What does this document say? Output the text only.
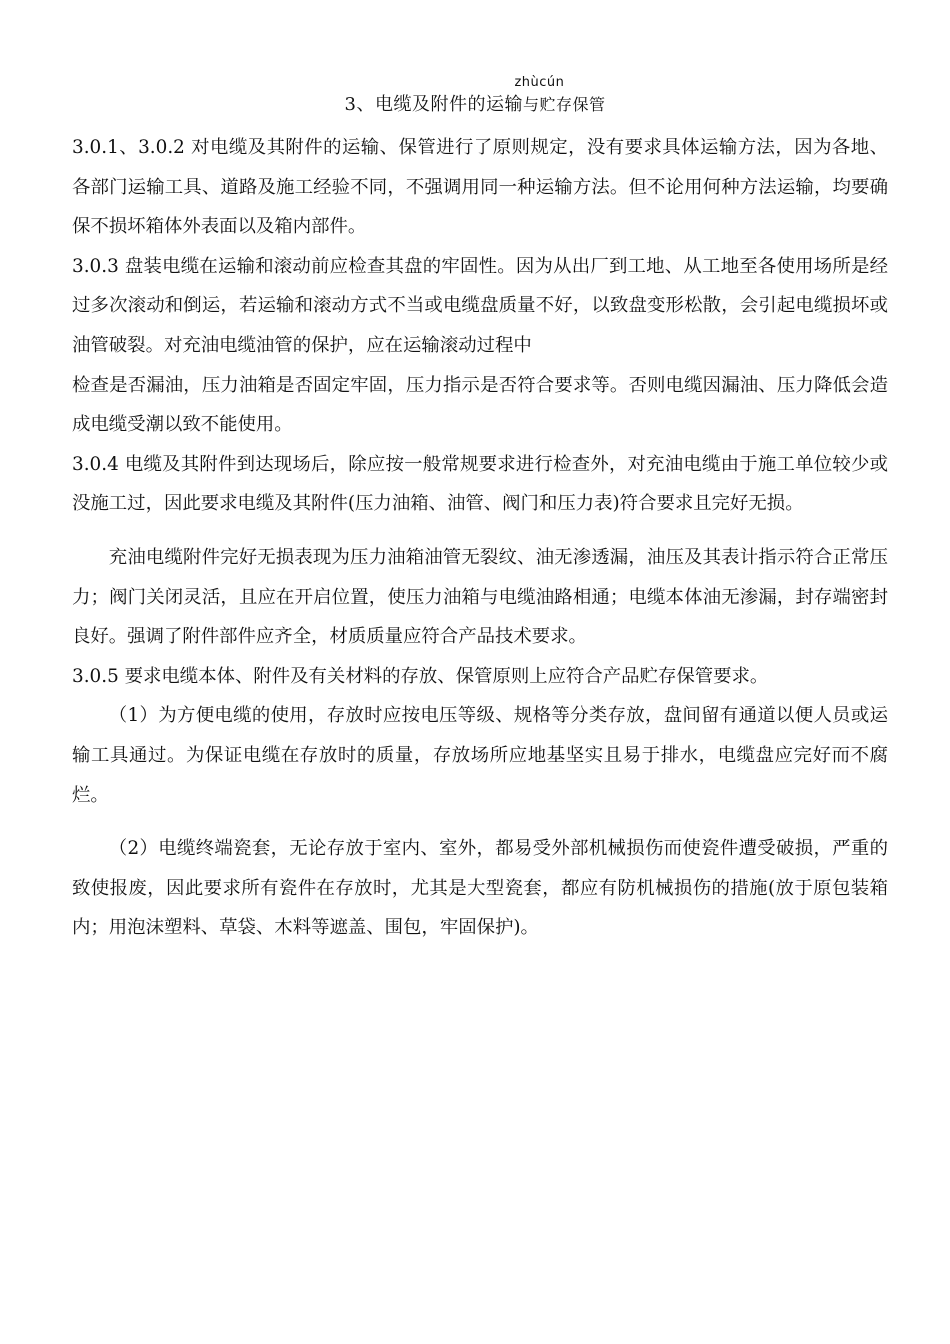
3、电缆及附件的运输
zhùcún
与贮存保管

3.0.1、3.0.2 对电缆及其附件的运输、保管进行了原则规定，没有要求具体运输方法，因为各地、各部门运输工具、道路及施工经验不同，不强调用同一种运输方法。但不论用何种方法运输，均要确保不损坏箱体外表面以及箱内部件。

3.0.3 盘装电缆在运输和滚动前应检查其盘的牢固性。因为从出厂到工地、从工地至各使用场所是经过多次滚动和倒运，若运输和滚动方式不当或电缆盘质量不好，以致盘变形松散，会引起电缆损坏或油管破裂。对充油电缆油管的保护，应在运输滚动过程中

检查是否漏油，压力油箱是否固定牢固，压力指示是否符合要求等。否则电缆因漏油、压力降低会造成电缆受潮以致不能使用。

3.0.4 电缆及其附件到达现场后，除应按一般常规要求进行检查外，对充油电缆由于施工单位较少或没施工过，因此要求电缆及其附件(压力油箱、油管、阀门和压力表)符合要求且完好无损。

充油电缆附件完好无损表现为压力油箱油管无裂纹、油无渗透漏，油压及其表计指示符合正常压力；阀门关闭灵活，且应在开启位置，使压力油箱与电缆油路相通；电缆本体油无渗漏，封存端密封良好。强调了附件部件应齐全，材质质量应符合产品技术要求。

3.0.5 要求电缆本体、附件及有关材料的存放、保管原则上应符合产品贮存保管要求。

（1）为方便电缆的使用，存放时应按电压等级、规格等分类存放，盘间留有通道以便人员或运输工具通过。为保证电缆在存放时的质量，存放场所应地基坚实且易于排水，电缆盘应完好而不腐烂。

（2）电缆终端瓷套，无论存放于室内、室外，都易受外部机械损伤而使瓷件遭受破损，严重的致使报废，因此要求所有瓷件在存放时，尤其是大型瓷套，都应有防机械损伤的措施(放于原包装箱内；用泡沫塑料、草袋、木料等遮盖、围包，牢固保护)。
